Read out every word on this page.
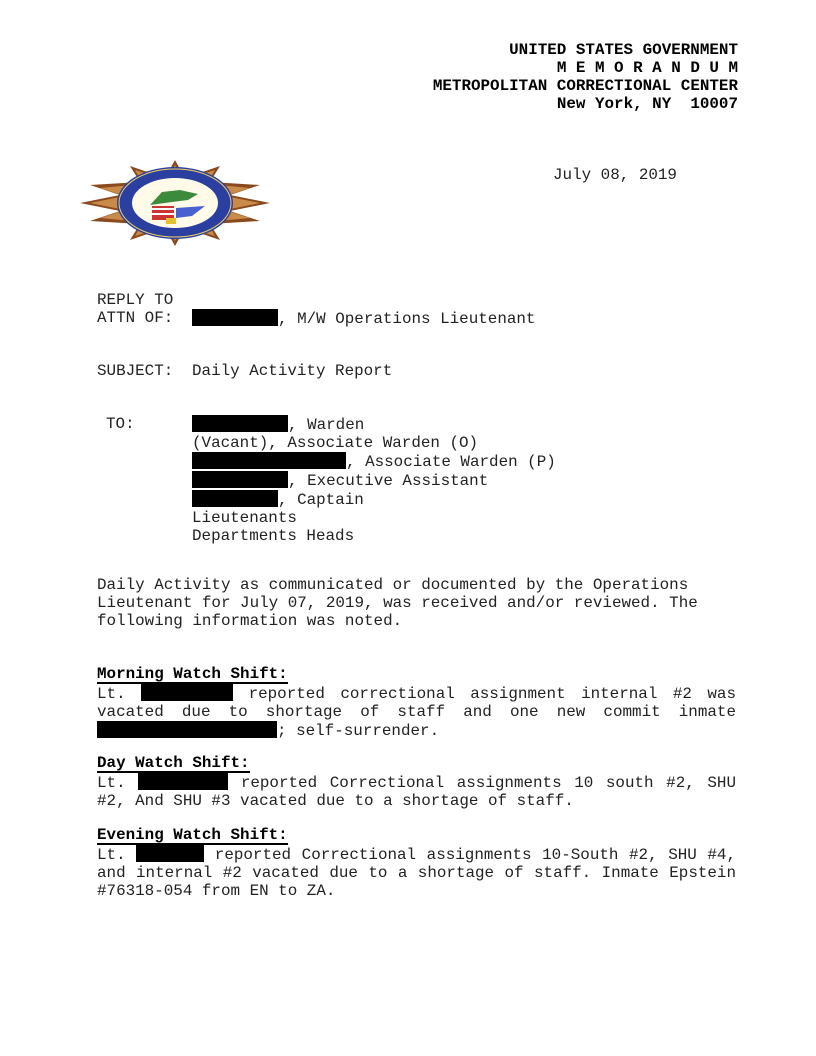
UNITED STATES GOVERNMENT
M E M O R A N D U M
METROPOLITAN CORRECTIONAL CENTER
New York, NY  10007
July 08, 2019
REPLY TO
ATTN OF:	, M/W Operations Lieutenant
SUBJECT: Daily Activity Report
TO:	, Warden
(Vacant), Associate Warden (O)
, Associate Warden (P)
, Executive Assistant
, Captain
Lieutenants
Departments Heads

Daily Activity as communicated or documented by the Operations Lieutenant for July 07, 2019, was received and/or reviewed. The following information was noted.

Morning Watch Shift:

Lt.	reported correctional assignment internal #2 was vacated due to shortage of staff and one new commit inmate ; self-surrender.

Day Watch Shift:

Lt.	reported Correctional assignments 10 south #2, SHU #2, And SHU #3 vacated due to a shortage of staff.

Evening Watch Shift:

Lt.	reported Correctional assignments 10-South #2, SHU #4, and internal #2 vacated due to a shortage of staff. Inmate Epstein #76318-054 from EN to ZA.
